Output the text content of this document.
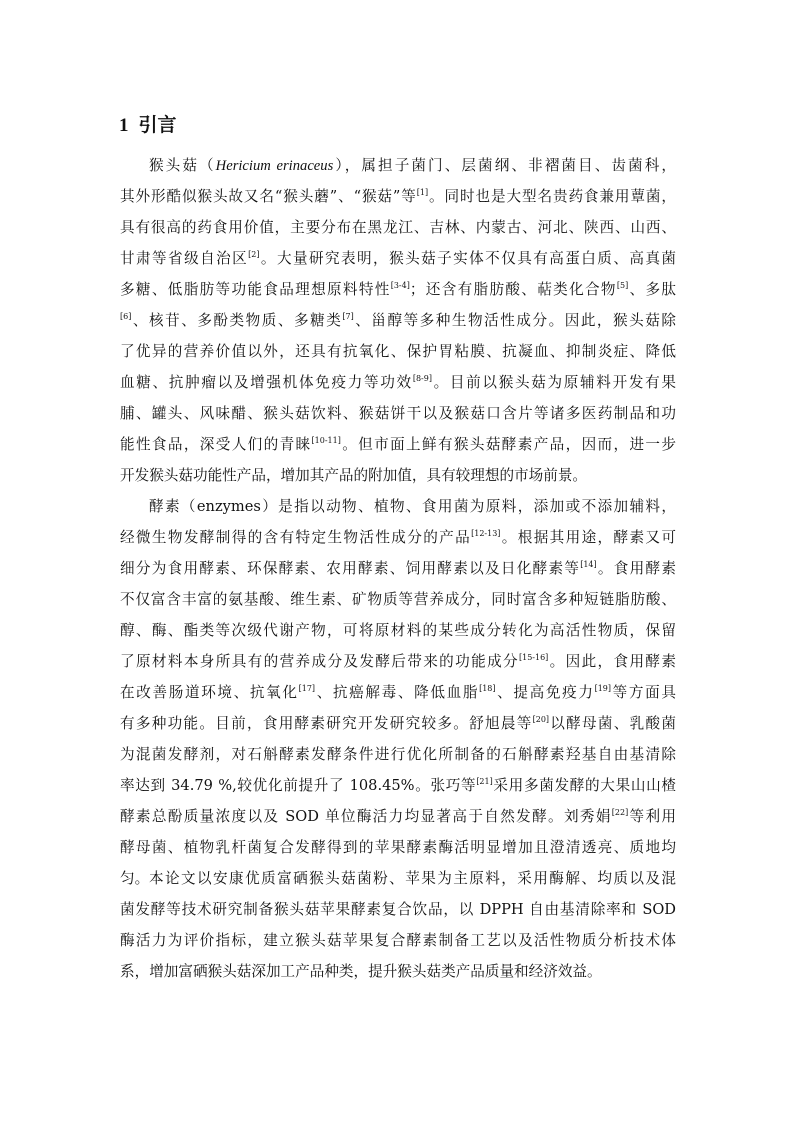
1 引言
猴头菇（Hericium erinaceus），属担子菌门、层菌纲、非褶菌目、齿菌科，
其外形酷似猴头故又名“猴头蘑”、“猴菇”等[1]。同时也是大型名贵药食兼用蕈菌，
具有很高的药食用价值，主要分布在黑龙江、吉林、内蒙古、河北、陕西、山西、
甘肃等省级自治区[2]。大量研究表明，猴头菇子实体不仅具有高蛋白质、高真菌
多糖、低脂肪等功能食品理想原料特性[3-4]；还含有脂肪酸、萜类化合物[5]、多肽
[6]、核苷、多酚类物质、多糖类[7]、甾醇等多种生物活性成分。因此，猴头菇除
了优异的营养价值以外，还具有抗氧化、保护胃粘膜、抗凝血、抑制炎症、降低
血糖、抗肿瘤以及增强机体免疫力等功效[8-9]。目前以猴头菇为原辅料开发有果
脯、罐头、风味醋、猴头菇饮料、猴菇饼干以及猴菇口含片等诸多医药制品和功
能性食品，深受人们的青睐[10-11]。但市面上鲜有猴头菇酵素产品，因而，进一步
开发猴头菇功能性产品，增加其产品的附加值，具有较理想的市场前景。
酵素（enzymes）是指以动物、植物、食用菌为原料，添加或不添加辅料，
经微生物发酵制得的含有特定生物活性成分的产品[12-13]。根据其用途，酵素又可
细分为食用酵素、环保酵素、农用酵素、饲用酵素以及日化酵素等[14]。食用酵素
不仅富含丰富的氨基酸、维生素、矿物质等营养成分，同时富含多种短链脂肪酸、
醇、酶、酯类等次级代谢产物，可将原材料的某些成分转化为高活性物质，保留
了原材料本身所具有的营养成分及发酵后带来的功能成分[15-16]。因此，食用酵素
在改善肠道环境、抗氧化[17]、抗癌解毒、降低血脂[18]、提高免疫力[19]等方面具
有多种功能。目前，食用酵素研究开发研究较多。舒旭晨等[20]以酵母菌、乳酸菌
为混菌发酵剂，对石斛酵素发酵条件进行优化所制备的石斛酵素羟基自由基清除
率达到 34.79 %,较优化前提升了 108.45%。张巧等[21]采用多菌发酵的大果山山楂
酵素总酚质量浓度以及 SOD 单位酶活力均显著高于自然发酵。刘秀娟[22]等利用
酵母菌、植物乳杆菌复合发酵得到的苹果酵素酶活明显增加且澄清透亮、质地均
匀。 本论文以安康优质富硒猴头菇菌粉、苹果为主原料，采用酶解、均质以及混
菌发酵等技术研究制备猴头菇苹果酵素复合饮品，以 DPPH 自由基清除率和 SOD
酶活力为评价指标，建立猴头菇苹果复合酵素制备工艺以及活性物质分析技术体
系，增加富硒猴头菇深加工产品种类，提升猴头菇类产品质量和经济效益。
